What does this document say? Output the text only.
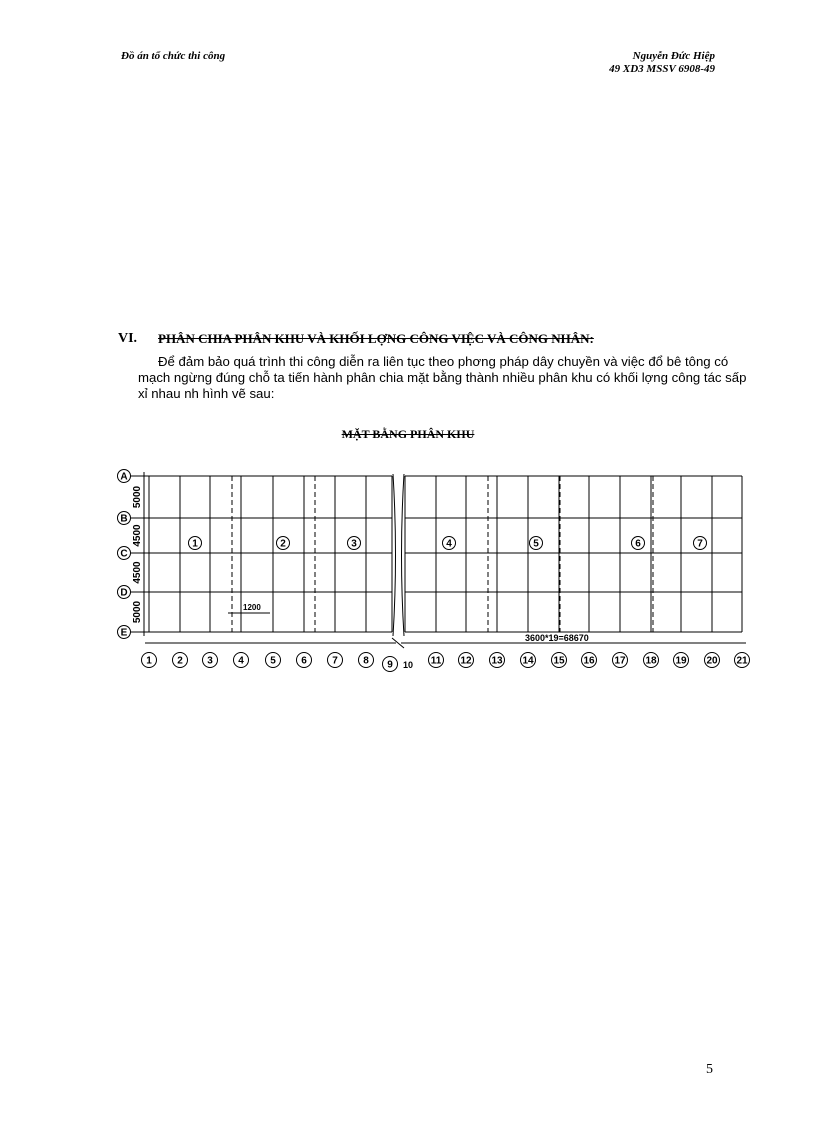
Đồ án tổ chức thi công	Nguyễn Đức Hiệp
49 XD3 MSSV 6908-49
VI. PHÂN CHIA PHÂN KHU VÀ KHỐI LỢNG CÔNG VIỆC VÀ CÔNG NHÂN:

Để đảm bảo quá trình thi công diễn ra liên tục theo phơng pháp dây chuyền và việc đổ bê tông có mạch ngừng đúng chỗ ta tiến hành phân chia mặt bằng thành nhiều phân khu có khối lợng công tác sấp xỉ nhau nh hình vẽ sau:

MẶT BẰNG PHÂN KHU
A
B
C
D
E
5000
4500
4500
5000
1	2 3	4	5	6	7	8 9 10 11 12 13 14 15 16 17 18 19 20 21
1	2	3	4	5	6	7
1200
3600*19=68670
5
